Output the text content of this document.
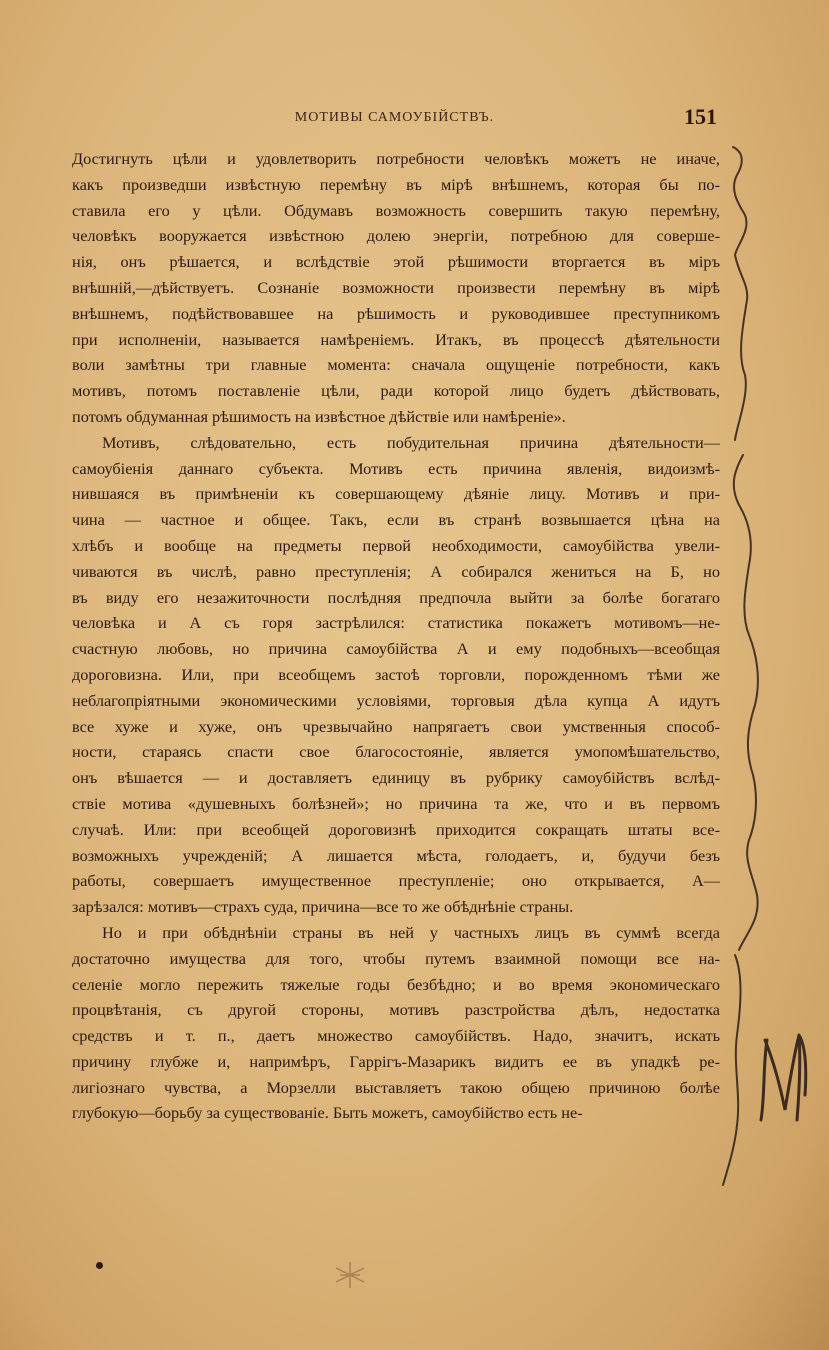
МОТИВЫ САМОУБІЙСТВЪ.	151
Достигнуть цѣли и удовлетворить потребности человѣкъ можетъ не иначе,
какъ произведши извѣстную перемѣну въ мірѣ внѣшнемъ, которая бы по-
ставила его у цѣли. Обдумавъ возможность совершить такую перемѣну,
человѣкъ вооружается извѣстною долею энергіи, потребною для соверше-
нія, онъ рѣшается, и вслѣдствіе этой рѣшимости вторгается въ міръ
внѣшній,—дѣйствуетъ. Сознаніе возможности произвести перемѣну въ мірѣ
внѣшнемъ, подѣйствовавшее на рѣшимость и руководившее преступникомъ
при исполненіи, называется намѣреніемъ. Итакъ, въ процессѣ дѣятельности
воли замѣтны три главные момента: сначала ощущеніе потребности, какъ
мотивъ, потомъ поставленіе цѣли, ради которой лицо будетъ дѣйствовать,
потомъ обдуманная рѣшимость на извѣстное дѣйствіе или намѣреніе».
Мотивъ, слѣдовательно, есть побудительная причина дѣятельности—
самоубіенія даннаго субъекта. Мотивъ есть причина явленія, видоизмѣ-
нившаяся въ примѣненіи къ совершающему дѣяніе лицу. Мотивъ и при-
чина — частное и общее. Такъ, если въ странѣ возвышается цѣна на
хлѣбъ и вообще на предметы первой необходимости, самоубійства увели-
чиваются въ числѣ, равно преступленія; А собирался жениться на Б, но
въ виду его незажиточности послѣдняя предпочла выйти за болѣе богатаго
человѣка и А съ горя застрѣлился: статистика покажетъ мотивомъ—не-
счастную любовь, но причина самоубійства А и ему подобныхъ—всеобщая
дороговизна. Или, при всеобщемъ застоѣ торговли, порожденномъ тѣми же
неблагопріятными экономическими условіями, торговыя дѣла купца А идутъ
все хуже и хуже, онъ чрезвычайно напрягаетъ свои умственныя способ-
ности, стараясь спасти свое благосостояніе, является умопомѣшательство,
онъ вѣшается — и доставляетъ единицу въ рубрику самоубійствъ вслѣд-
ствіе мотива «душевныхъ болѣзней»; но причина та же, что и въ первомъ
случаѣ. Или: при всеобщей дороговизнѣ приходится сокращать штаты все-
возможныхъ учрежденій; А лишается мѣста, голодаетъ, и, будучи безъ
работы, совершаетъ имущественное преступленіе; оно открывается, А—
зарѣзался: мотивъ—страхъ суда, причина—все то же обѣднѣніе страны.
Но и при обѣднѣніи страны въ ней у частныхъ лицъ въ суммѣ всегда
достаточно имущества для того, чтобы путемъ взаимной помощи все на-
селеніе могло пережить тяжелые годы безбѣдно; и во время экономическаго
процвѣтанія, съ другой стороны, мотивъ разстройства дѣлъ, недостатка
средствъ и т. п., даетъ множество самоубійствъ. Надо, значитъ, искать
причину глубже и, напримѣръ, Гаррігъ-Мазарикъ видитъ ее въ упадкѣ ре-
лигіознаго чувства, а Морзелли выставляетъ такою общею причиною болѣе
глубокую—борьбу за существованіе. Быть можетъ, самоубійство есть не-
